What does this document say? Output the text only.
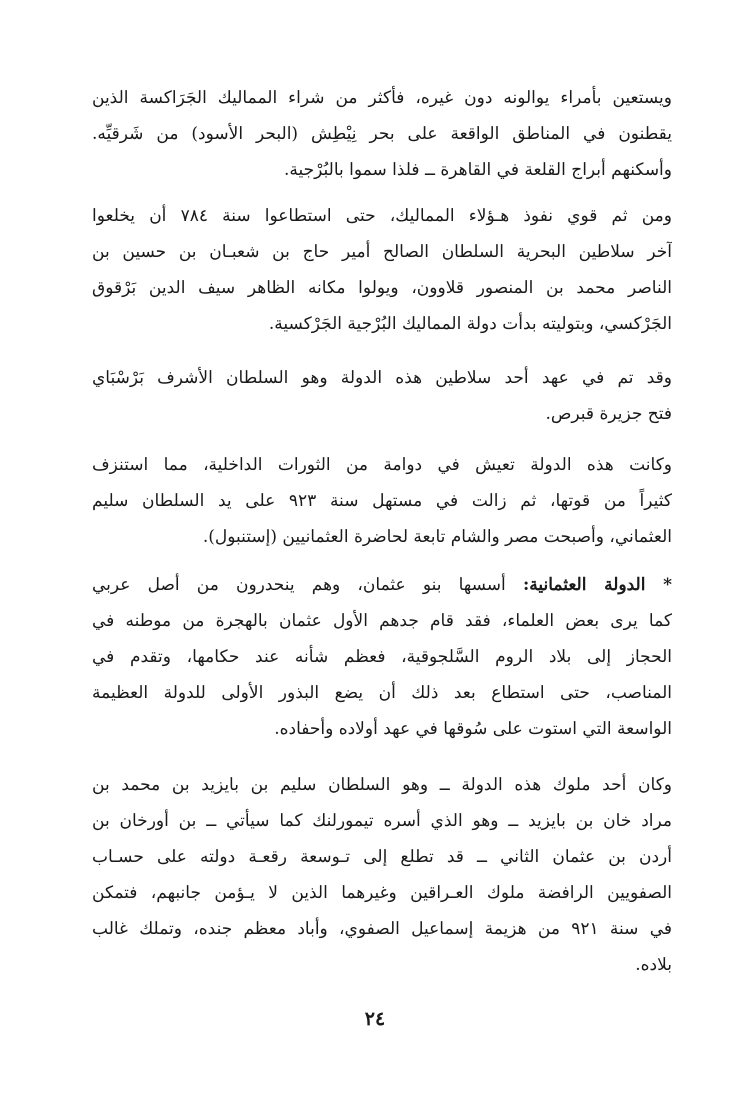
ويستعين بأمراء يوالونه دون غيره، فأكثر من شراء المماليك الجَرَاكسة الذين
يقطنون في المناطق الواقعة على بحر نِيْطِش (البحر الأسود) من شَرقيِّه.
وأسكنهم أبراج القلعة في القاهرة ــ فلذا سموا بالبُرْجية.
ومن ثم قوي نفوذ هـؤلاء المماليك، حتى استطاعوا سنة ٧٨٤ أن يخلعوا
آخر سلاطين البحرية السلطان الصالح أمير حاج بن شعبـان بن حسين بن
الناصر محمد بن المنصور قلاوون، ويولوا مكانه الظاهر سيف الدين بَرْقوق
الجَرْكسي، وبتوليته بدأت دولة المماليك البُرْجية الجَرْكسية.
وقد تم في عهد أحد سلاطين هذه الدولة وهو السلطان الأشرف بَرْسْبَاي
فتح جزيرة قبرص.
وكانت هذه الدولة تعيش في دوامة من الثورات الداخلية، مما استنزف
كثيراً من قوتها، ثم زالت في مستهل سنة ٩٢٣ على يد السلطان سليم
العثماني، وأصبحت مصر والشام تابعة لحاضرة العثمانيين (إستنبول).
* الدولة العثمانية: أسسها بنو عثمان، وهم ينحدرون من أصل عربي
كما يرى بعض العلماء، فقد قام جدهم الأول عثمان بالهجرة من موطنه في
الحجاز إلى بلاد الروم السَّلجوقية، فعظم شأنه عند حكامها، وتقدم في
المناصب، حتى استطاع بعد ذلك أن يضع البذور الأولى للدولة العظيمة
الواسعة التي استوت على سُوقها في عهد أولاده وأحفاده.
وكان أحد ملوك هذه الدولة ــ وهو السلطان سليم بن بايزيد بن محمد بن
مراد خان بن بايزيد ــ وهو الذي أسره تيمورلنك كما سيأتي ــ بن أورخان بن
أردن بن عثمان الثاني ــ قد تطلع إلى تـوسعة رقعـة دولته على حسـاب
الصفويين الرافضة ملوك العـراقين وغيرهما الذين لا يـؤمن جانبهم، فتمكن
في سنة ٩٢١ من هزيمة إسماعيل الصفوي، وأباد معظم جنده، وتملك غالب
بلاده.
٢٤
